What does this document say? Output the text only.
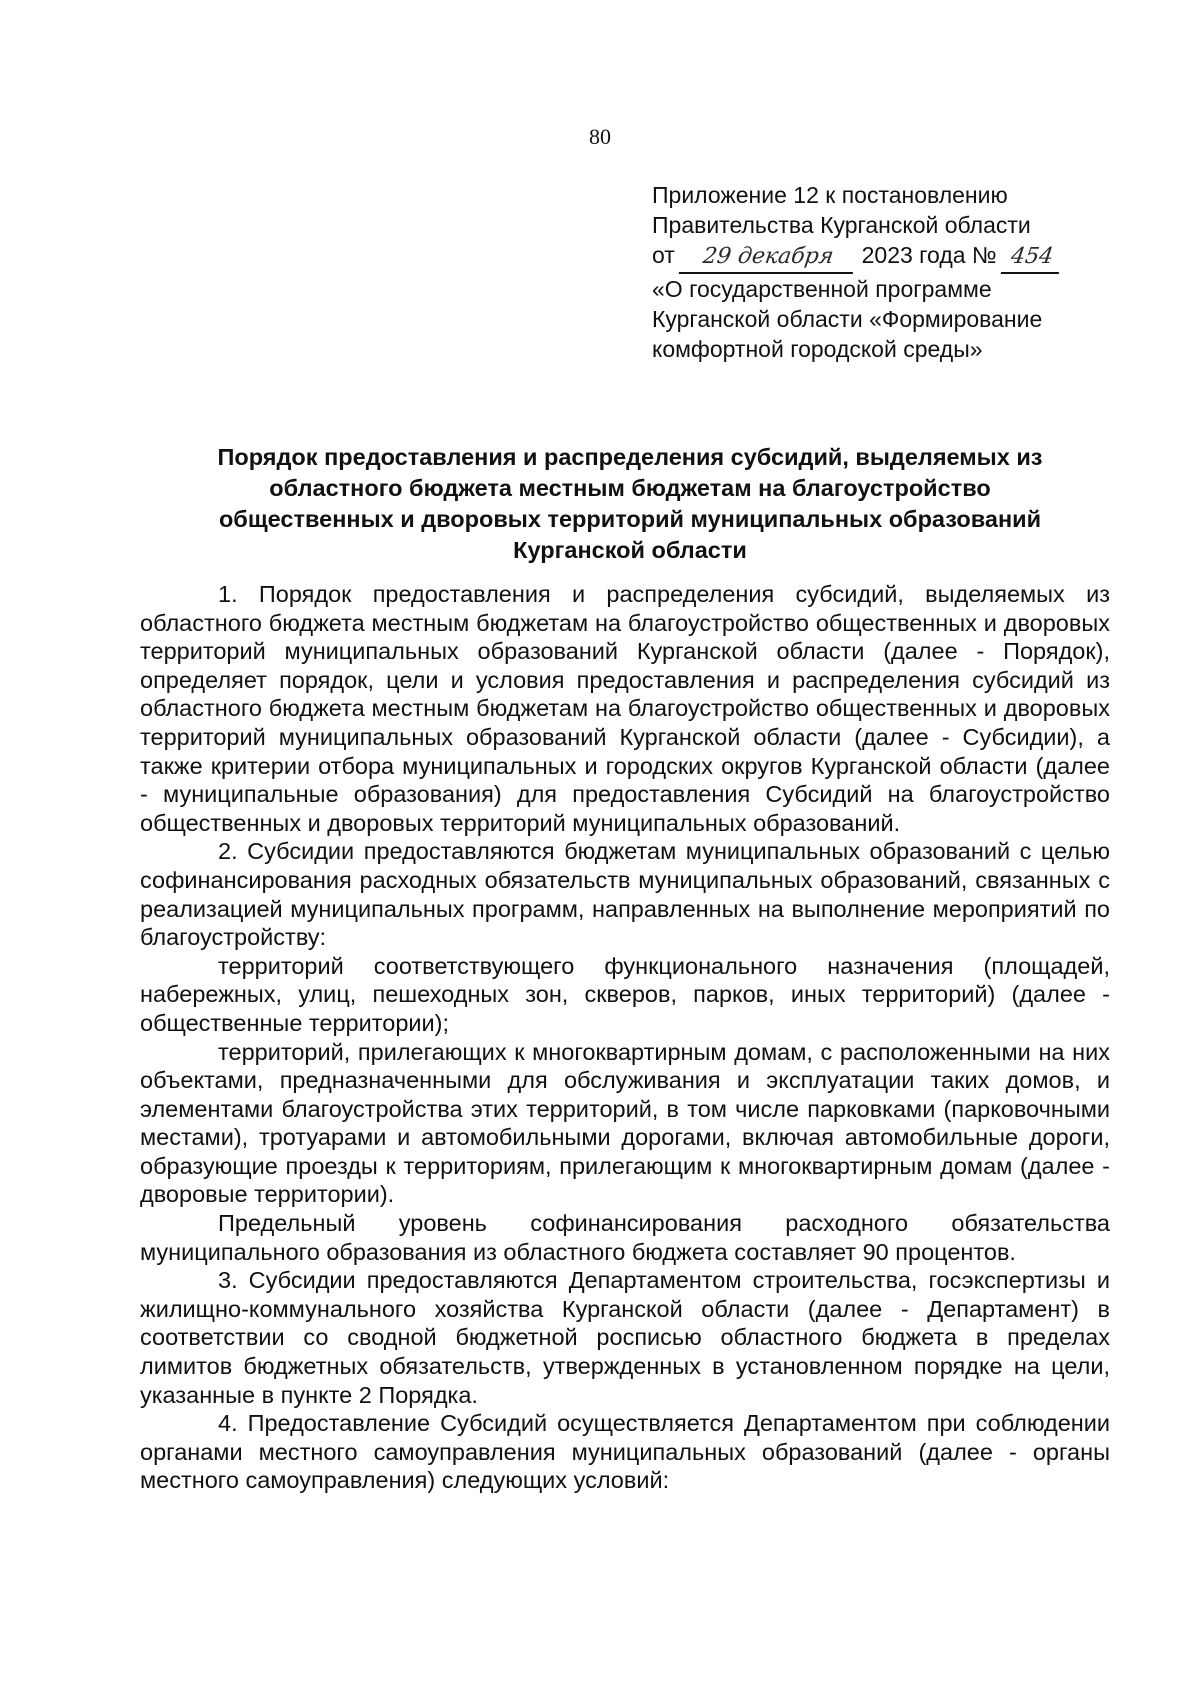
80
Приложение 12 к постановлению
Правительства Курганской области
от 29 декабря 2023 года № 454
«О государственной программе
Курганской области «Формирование
комфортной городской среды»
Порядок предоставления и распределения субсидий, выделяемых из
областного бюджета местным бюджетам на благоустройство
общественных и дворовых территорий муниципальных образований
Курганской области

1. Порядок предоставления и распределения субсидий, выделяемых из областного бюджета местным бюджетам на благоустройство общественных и дворовых территорий муниципальных образований Курганской области (далее - Порядок), определяет порядок, цели и условия предоставления и распределения субсидий из областного бюджета местным бюджетам на благоустройство общественных и дворовых территорий муниципальных образований Курганской области (далее - Субсидии), а также критерии отбора муниципальных и городских округов Курганской области (далее - муниципальные образования) для предоставления Субсидий на благоустройство общественных и дворовых территорий муниципальных образований.

2. Субсидии предоставляются бюджетам муниципальных образований с целью софинансирования расходных обязательств муниципальных образований, связанных с реализацией муниципальных программ, направленных на выполнение мероприятий по благоустройству:

территорий соответствующего функционального назначения (площадей, набережных, улиц, пешеходных зон, скверов, парков, иных территорий) (далее - общественные территории);

территорий, прилегающих к многоквартирным домам, с расположенными на них объектами, предназначенными для обслуживания и эксплуатации таких домов, и элементами благоустройства этих территорий, в том числе парковками (парковочными местами), тротуарами и автомобильными дорогами, включая автомобильные дороги, образующие проезды к территориям, прилегающим к многоквартирным домам (далее - дворовые территории).

Предельный уровень софинансирования расходного обязательства муниципального образования из областного бюджета составляет 90 процентов.

3. Субсидии предоставляются Департаментом строительства, госэкспертизы и жилищно-коммунального хозяйства Курганской области (далее - Департамент) в соответствии со сводной бюджетной росписью областного бюджета в пределах лимитов бюджетных обязательств, утвержденных в установленном порядке на цели, указанные в пункте 2 Порядка.

4. Предоставление Субсидий осуществляется Департаментом при соблюдении органами местного самоуправления муниципальных образований (далее - органы местного самоуправления) следующих условий:
